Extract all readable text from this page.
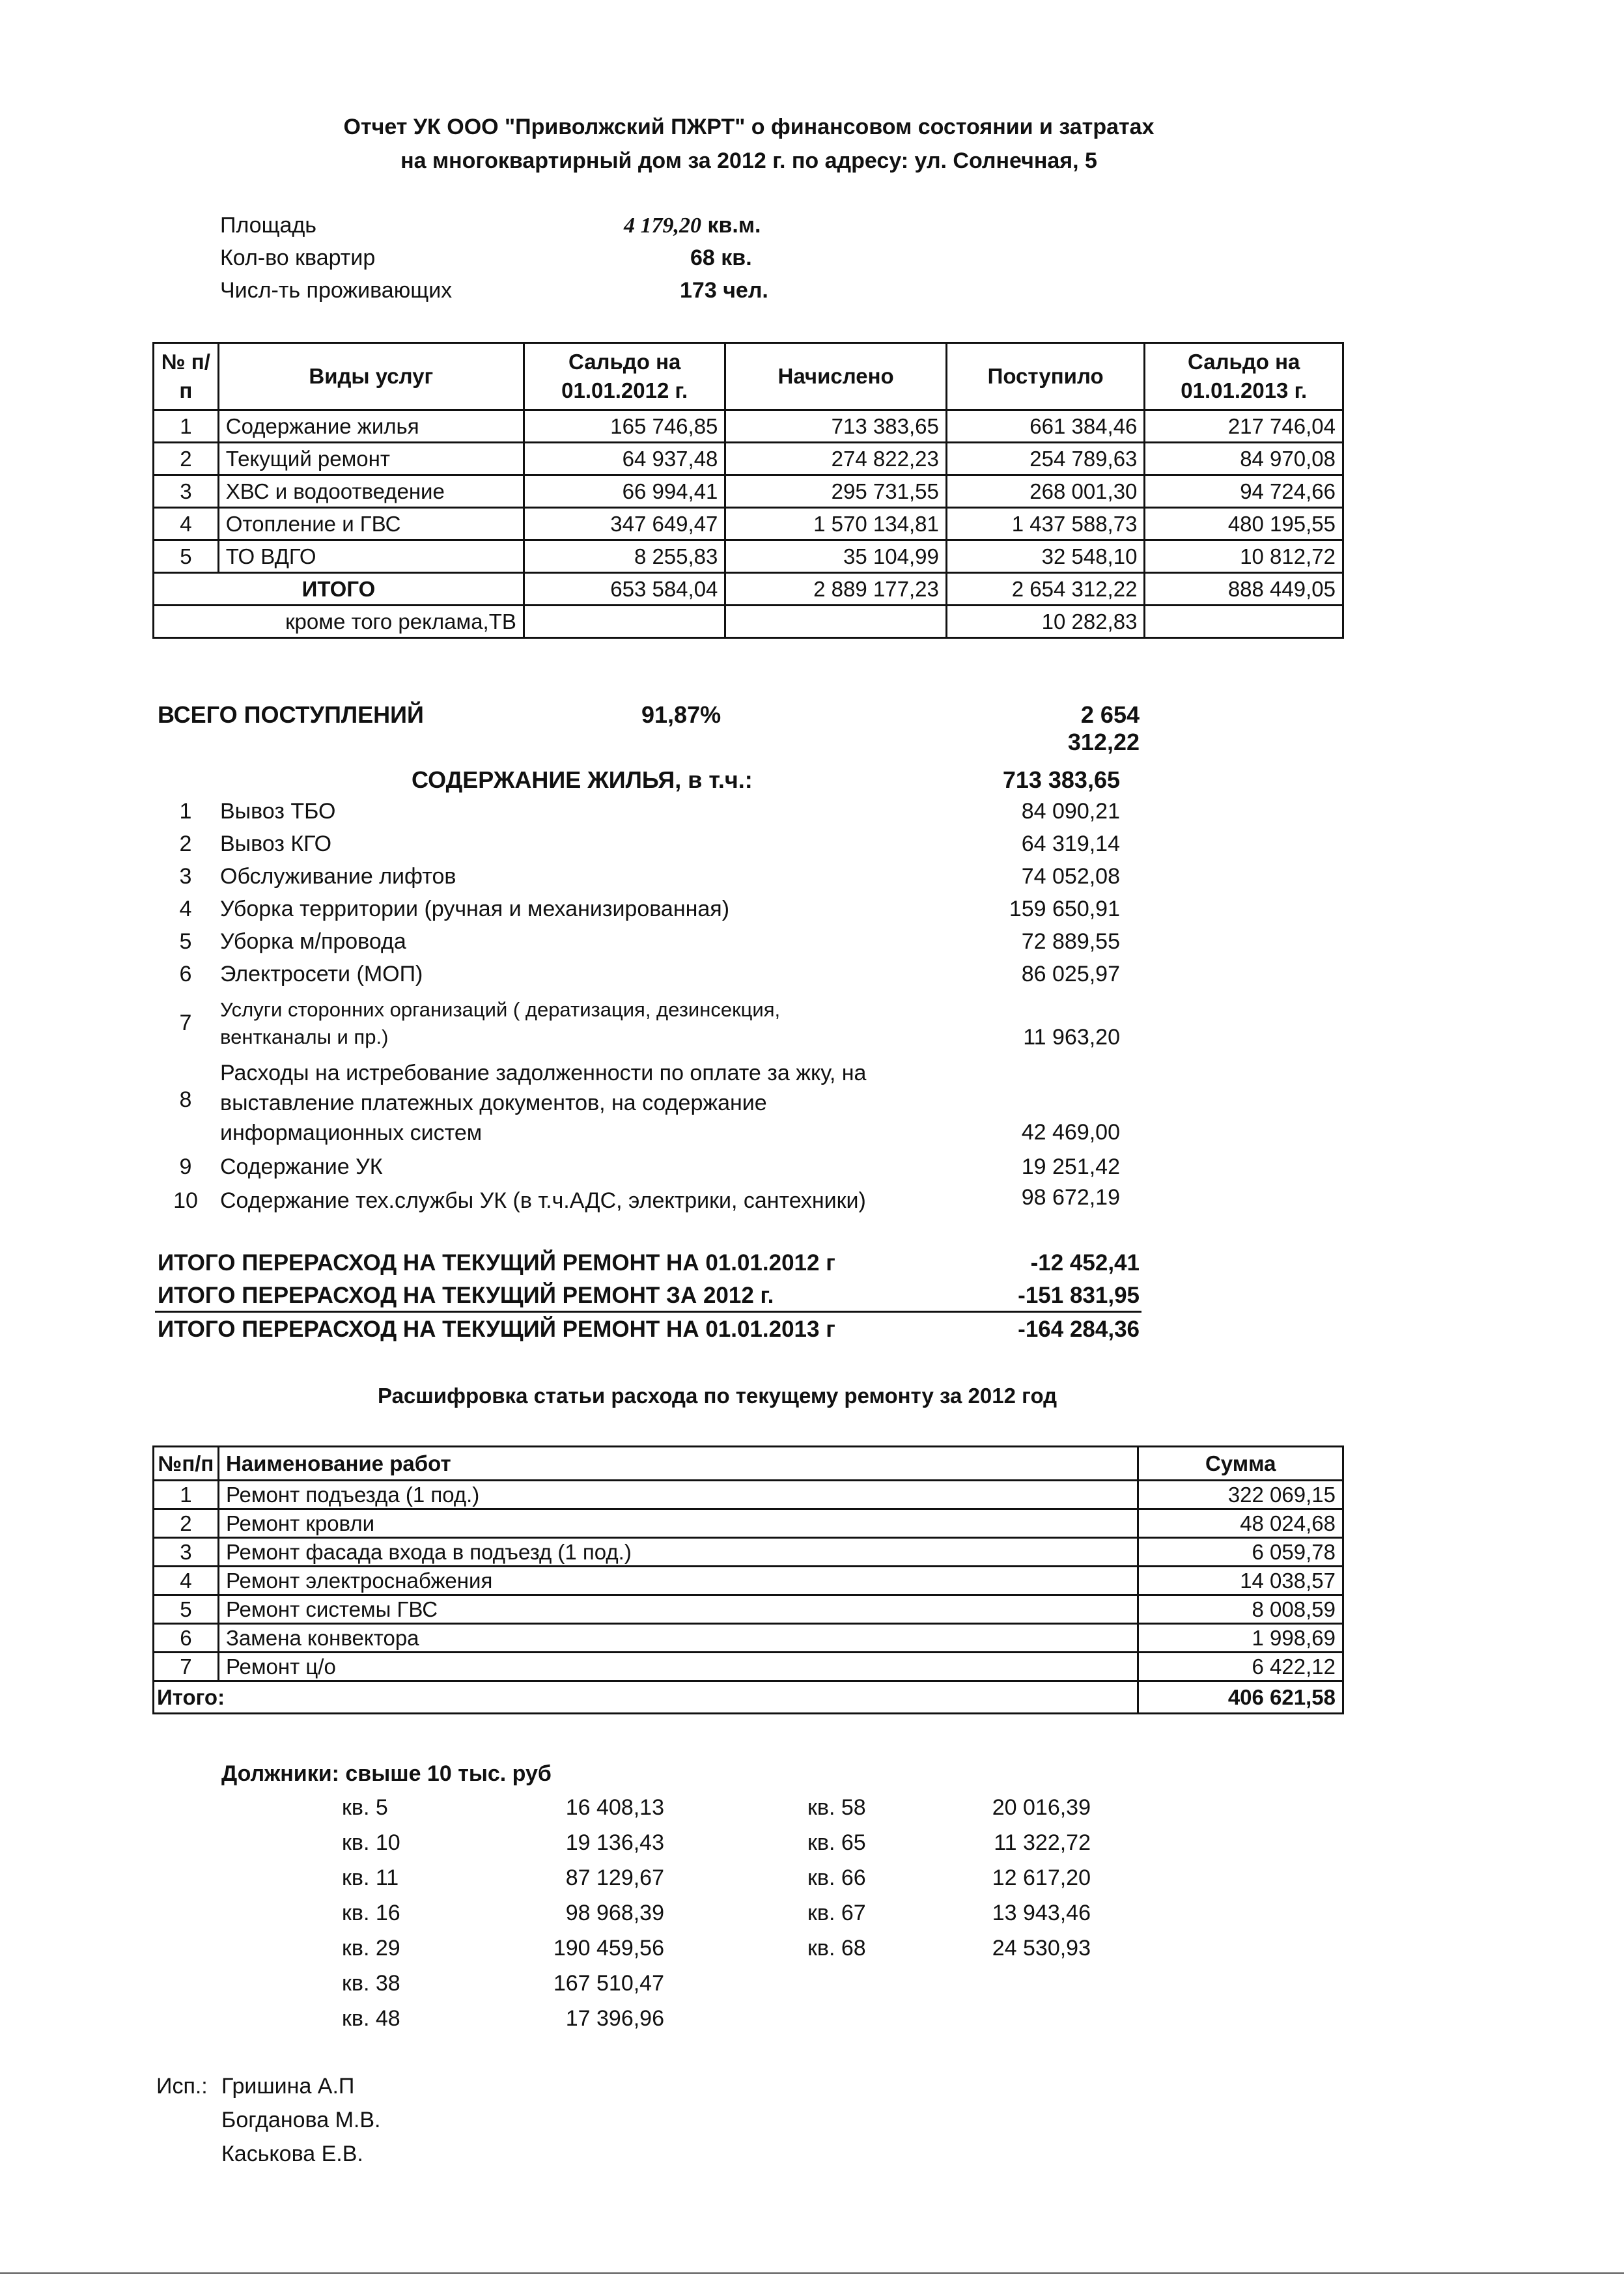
Отчет УК ООО "Приволжский ПЖРТ" о финансовом состоянии и затратах
на многоквартирный дом за 2012 г. по адресу: ул. Солнечная, 5
Площадь	4 179,20 кв.м.
Кол-во квартир	68 кв.
Числ-ть проживающих	173 чел.
№ п/п	Виды услуг	Сальдо на 01.01.2012 г.	Начислено	Поступило	Сальдо на 01.01.2013 г.
1	Содержание жилья	165 746,85	713 383,65	661 384,46	217 746,04
2	Текущий ремонт	64 937,48	274 822,23	254 789,63	84 970,08
3	ХВС и водоотведение	66 994,41	295 731,55	268 001,30	94 724,66
4	Отопление и ГВС	347 649,47	1 570 134,81	1 437 588,73	480 195,55
5	ТО ВДГО	8 255,83	35 104,99	32 548,10	10 812,72
ИТОГО		653 584,04	2 889 177,23	2 654 312,22	888 449,05
кроме того реклама,ТВ				10 282,83	
ВСЕГО ПОСТУПЛЕНИЙ	91,87%	2 654 312,22
СОДЕРЖАНИЕ ЖИЛЬЯ, в т.ч.:	713 383,65
1 Вывоз ТБО	84 090,21
2 Вывоз КГО	64 319,14
3 Обслуживание лифтов	74 052,08
4 Уборка территории (ручная и механизированная)	159 650,91
5 Уборка м/провода	72 889,55
6 Электросети (МОП)	86 025,97
7
Услуги сторонних организаций ( дератизация, дезинсекция,
вентканалы и пр.)	11 963,20
8
Расходы на истребование задолженности по оплате за жку, на
выставление платежных документов, на содержание
информационных систем	42 469,00
9 Содержание УК	19 251,42
10 Содержание тех.службы УК (в т.ч.АДС, электрики, сантехники)	98 672,19
ИТОГО ПЕРЕРАСХОД НА ТЕКУЩИЙ РЕМОНТ НА 01.01.2012 г	-12 452,41
ИТОГО ПЕРЕРАСХОД НА ТЕКУЩИЙ РЕМОНТ ЗА 2012 г.	-151 831,95
ИТОГО ПЕРЕРАСХОД НА ТЕКУЩИЙ РЕМОНТ НА 01.01.2013 г	-164 284,36
Расшифровка статьи расхода по текущему ремонту за 2012 год
№п/п	Наименование работ	Сумма
1	Ремонт подъезда (1 под.)	322 069,15
2	Ремонт кровли	48 024,68
3	Ремонт фасада входа в подъезд (1 под.)	6 059,78
4	Ремонт электроснабжения	14 038,57
5	Ремонт системы ГВС	8 008,59
6	Замена конвектора	1 998,69
7	Ремонт ц/о	6 422,12
Итого:		406 621,58
Должники: свыше 10 тыс. руб
кв. 5	16 408,13
кв. 10	19 136,43
кв. 11	87 129,67
кв. 16	98 968,39
кв. 29	190 459,56
кв. 38	167 510,47
кв. 48	17 396,96
кв. 58	20 016,39
кв. 65	11 322,72
кв. 66	12 617,20
кв. 67	13 943,46
кв. 68	24 530,93
Исп.: Гришина А.П
Богданова М.В.
Каськова Е.В.
